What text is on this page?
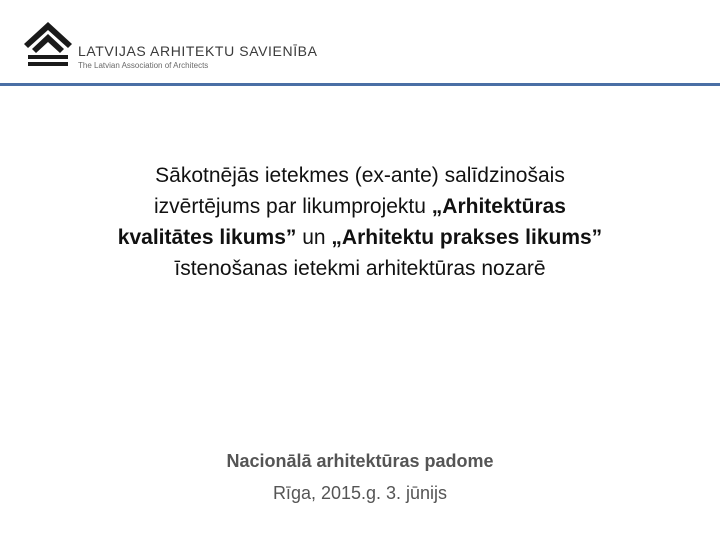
LATVIJAS ARHITEKTU SAVIENĪBA
The Latvian Association of Architects
Sākotnējās ietekmes (ex-ante) salīdzinošais
izvērtējums par likumprojektu „Arhitektūras
kvalitātes likums” un „Arhitektu prakses likums”
īstenošanas ietekmi arhitektūras nozarē
Nacionālā arhitektūras padome
Rīga, 2015.g. 3. jūnijs
